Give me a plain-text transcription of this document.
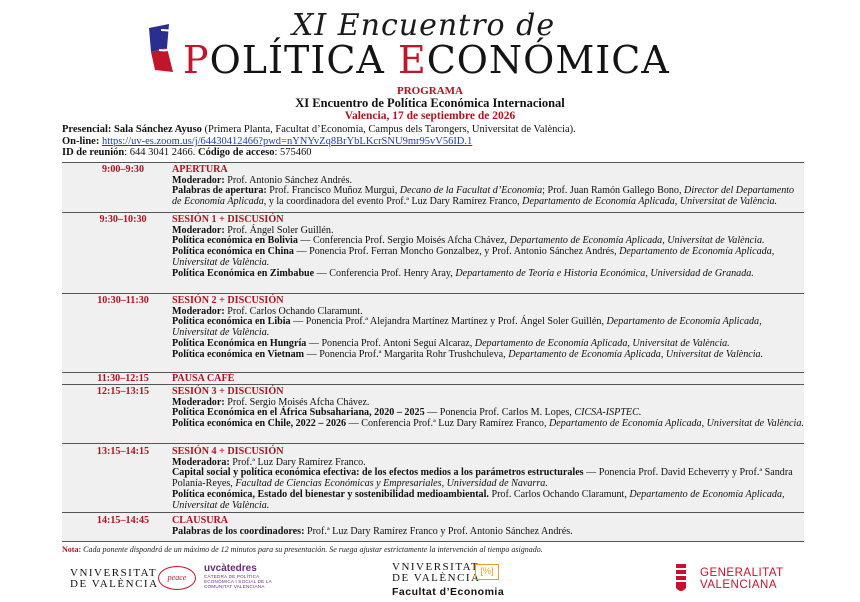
XI Encuentro de
POLÍTICA ECONÓMICA
PROGRAMA
XI Encuentro de Política Económica Internacional
Valencia, 17 de septiembre de 2026
Presencial: Sala Sánchez Ayuso (Primera Planta, Facultat d’Economia, Campus dels Tarongers, Universitat de València).
On-line: https://uv-es.zoom.us/j/64430412466?pwd=nYNYvZq8BrYbLKcrSNU9mr95vV56ID.1
ID de reunión: 644 3041 2466. Código de acceso: 575460
9:00–9:30	APERTURA
Moderador: Prof. Antonio Sánchez Andrés.
Palabras de apertura: Prof. Francisco Muñoz Murgui, Decano de la Facultat d’Economia; Prof. Juan Ramón Gallego Bono, Director del Departamento de Economía Aplicada, y la coordinadora del evento Prof.ª Luz Dary Ramírez Franco, Departamento de Economía Aplicada, Universitat de València.
9:30–10:30	SESIÓN 1 + DISCUSIÓN
Moderador: Prof. Ángel Soler Guillén.
Política económica en Bolivia — Conferencia Prof. Sergio Moisés Afcha Chávez, Departamento de Economía Aplicada, Universitat de València.
Política económica en China — Ponencia Prof. Ferran Moncho Gonzalbez, y Prof. Antonio Sánchez Andrés, Departamento de Economía Aplicada, Universitat de València.
Política Económica en Zimbabue — Conferencia Prof. Henry Aray, Departamento de Teoría e Historia Económica, Universidad de Granada.
10:30–11:30	SESIÓN 2 + DISCUSIÓN
Moderador: Prof. Carlos Ochando Claramunt.
Política económica en Libia — Ponencia Prof.ª Alejandra Martínez Martínez y Prof. Ángel Soler Guillén, Departamento de Economía Aplicada, Universitat de València.
Política Económica en Hungría — Ponencia Prof. Antoni Seguí Alcaraz, Departamento de Economía Aplicada, Universitat de València.
Política económica en Vietnam — Ponencia Prof.ª Margarita Rohr Trushchuleva, Departamento de Economía Aplicada, Universitat de València.
11:30–12:15	PAUSA CAFÉ
12:15–13:15	SESIÓN 3 + DISCUSIÓN
Moderador: Prof. Sergio Moisés Afcha Chávez.
Política Económica en el África Subsahariana, 2020 – 2025 — Ponencia Prof. Carlos M. Lopes, CICSA-ISPTEC.
Política económica en Chile, 2022 – 2026 — Conferencia Prof.ª Luz Dary Ramírez Franco, Departamento de Economía Aplicada, Universitat de València.
13:15–14:15	SESIÓN 4 + DISCUSIÓN
Moderadora: Prof.ª Luz Dary Ramírez Franco.
Capital social y política económica efectiva: de los efectos medios a los parámetros estructurales — Ponencia Prof. David Echeverry y Prof.ª Sandra Polanía-Reyes, Facultad de Ciencias Económicas y Empresariales, Universidad de Navarra.
Política económica, Estado del bienestar y sostenibilidad medioambiental. Prof. Carlos Ochando Claramunt, Departamento de Economía Aplicada, Universitat de València.
14:15–14:45	CLAUSURA
Palabras de los coordinadores: Prof.ª Luz Dary Ramírez Franco y Prof. Antonio Sánchez Andrés.
Nota: Cada ponente dispondrá de un máximo de 12 minutos para su presentación. Se ruega ajustar estrictamente la intervención al tiempo asignado.
VNIVERSITAT
DE VALÈNCIA
peace
uvcàtedres
CÀTEDRA DE POLÍTICA
ECONÒMICA I SOCIAL DE LA
COMUNITAT VALENCIANA
VNIVERSITAT
DE VALÈNCIA
Facultat d’Economia
[%]	GENERALITAT
VALENCIANA
